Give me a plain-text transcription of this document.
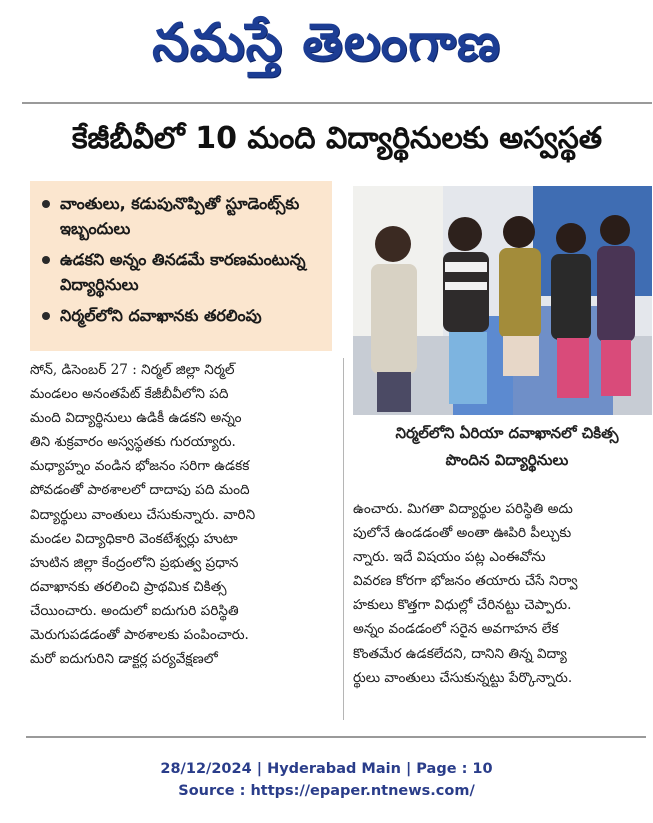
నమస్తే తెలంగాణ
కేజీబీవీలో 10 మంది విద్యార్థినులకు అస్వస్థత
వాంతులు, కడుపునొప్పితో స్టూడెంట్స్‌కు ఇబ్బందులు
ఉడకని అన్నం తినడమే కారణమంటున్న విద్యార్థినులు
నిర్మల్‌లోని దవాఖానకు తరలింపు
నిర్మల్‌లోని ఏరియా దవాఖానలో చికిత్స పొందిన విద్యార్థినులు
సోన్, డిసెంబర్ 27 : నిర్మల్ జిల్లా నిర్మల్
మండలం అనంతపేట్ కేజీబీవీలోని పది
మంది విద్యార్థినులు ఉడికీ ఉడకని అన్నం
తిని శుక్రవారం అస్వస్థతకు గురయ్యారు.
మధ్యాహ్నం వండిన భోజనం సరిగా ఉడకక
పోవడంతో పాఠశాలలో దాదాపు పది మంది
విద్యార్థులు వాంతులు చేసుకున్నారు. వారిని
మండల విద్యాధికారి వెంకటేశ్వర్లు హుటా
హుటిన జిల్లా కేంద్రంలోని ప్రభుత్వ ప్రధాన
దవాఖానకు తరలించి ప్రాథమిక చికిత్స
చేయించారు. అందులో ఐదుగురి పరిస్థితి
మెరుగుపడడంతో పాఠశాలకు పంపించారు.
మరో ఐదుగురిని డాక్టర్ల పర్యవేక్షణలో
ఉంచారు. మిగతా విద్యార్థుల పరిస్థితి అదు
పులోనే ఉండడంతో అంతా ఊపిరి పీల్చుకు
న్నారు. ఇదే విషయం పట్ల ఎంఈవోను
వివరణ కోరగా భోజనం తయారు చేసే నిర్వా
హకులు కొత్తగా విధుల్లో చేరినట్టు చెప్పారు.
అన్నం వండడంలో సరైన అవగాహన లేక
కొంతమేర ఉడకలేదని, దానిని తిన్న విద్యా
ర్థులు వాంతులు చేసుకున్నట్టు పేర్కొన్నారు.
28/12/2024 | Hyderabad Main | Page : 10
Source : https://epaper.ntnews.com/
